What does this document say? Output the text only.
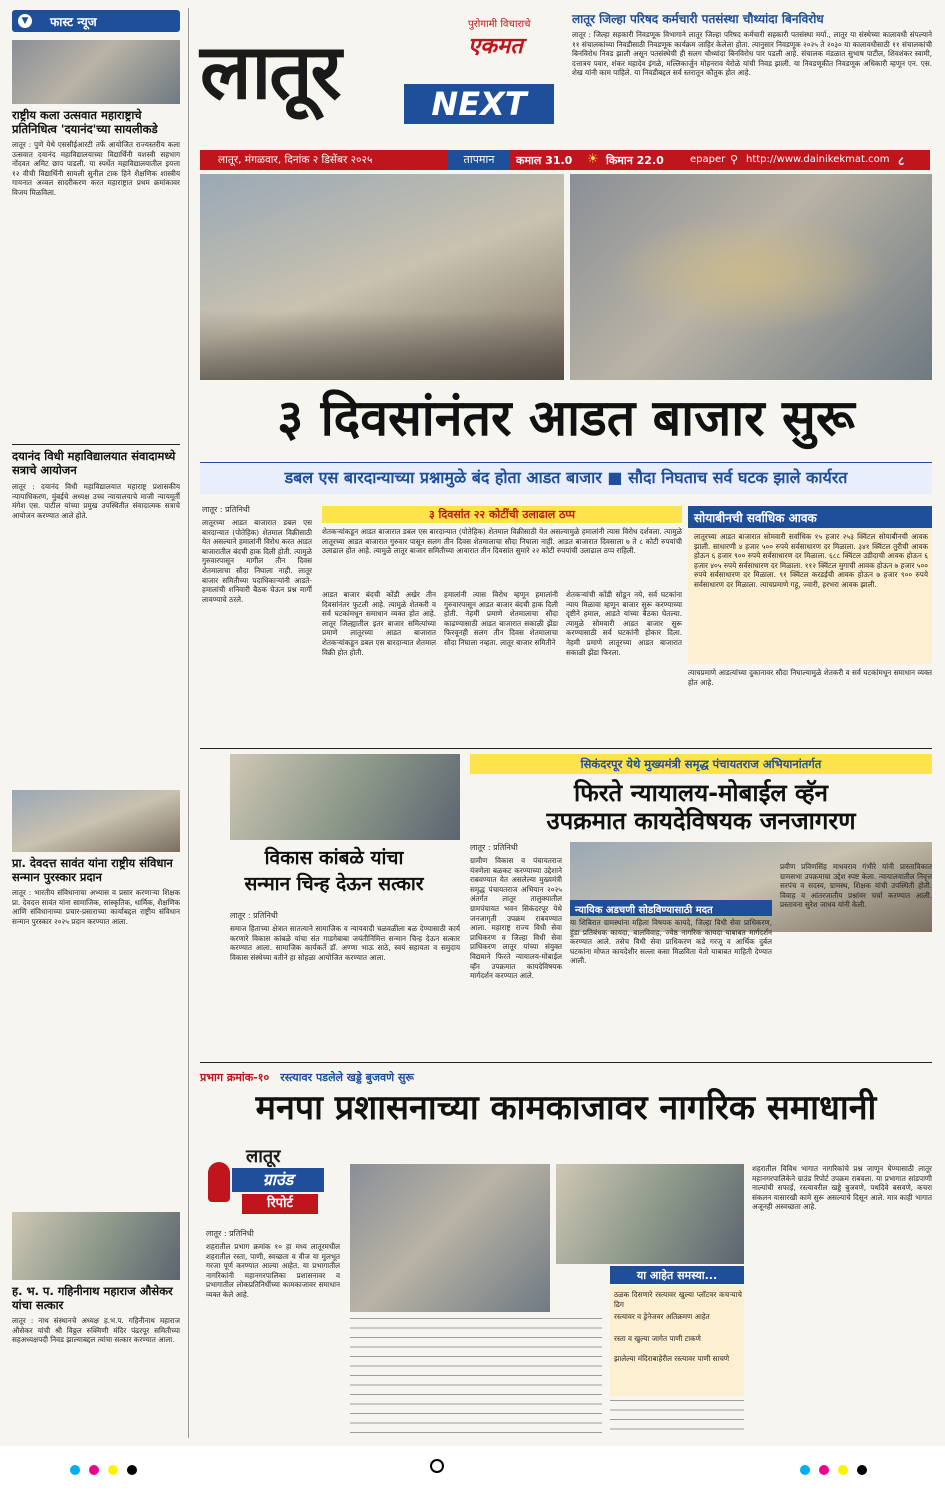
▼ फास्ट न्यूज
राष्ट्रीय कला उत्सवात महाराष्ट्राचे प्रतिनिधित्व 'दयानंद'च्या सायलीकडे
लातूर : पुणे येथे एससीईआरटी तर्फे आयोजित राज्यस्तरीय कला उत्सवात दयानंद महाविद्यालयाच्या विद्यार्थिनी यशस्वी सहभाग नोंदवत अमिट छाप पाडली. या स्पर्धेत महाविद्यालयातील इयत्ता १२ वीची विद्यार्थिनी सायली सुनील टाक हिने शैक्षणिक शास्त्रीय गायनात अव्वल सादरीकरण करत महाराष्ट्रात प्रथम क्रमांकावर विजय मिळविला.
दयानंद विधी महाविद्यालयात संवादामध्ये सत्राचे आयोजन
लातूर : दयानंद विधी महाविद्यालयात महाराष्ट्र प्रशासकीय न्यायाधिकरण, मुंबईचे अध्यक्ष उच्च न्यायालयाचे माजी न्यायमूर्ती मंगेश एस. पाटील यांच्या प्रमुख उपस्थितीत संवादात्मक सत्राचे आयोजन करण्यात आले होते.
प्रा. देवदत्त सावंत यांना राष्ट्रीय संविधान सन्मान पुरस्कार प्रदान
लातूर : भारतीय संविधानाचा अभ्यास व प्रसार करणाऱ्या शिक्षक प्रा. देवदत्त सावंत यांना सामाजिक, सांस्कृतिक, धार्मिक, शैक्षणिक आणि संविधानाच्या प्रचार-प्रसाराच्या कार्याबद्दल राष्ट्रीय संविधान सन्मान पुरस्कार २०२५ प्रदान करण्यात आला.
ह. भ. प. गहिनीनाथ महाराज औसेकर यांचा सत्कार
लातूर : नाथ संस्थानचे अध्यक्ष ह.भ.प. गहिनीनाथ महाराज औसेकर यांची श्री विठ्ठल रुक्मिणी मंदिर पंढरपूर समितीच्या सहअध्यक्षपदी निवड झाल्याबद्दल त्यांचा सत्कार करण्यात आला.
लातूर	NEXT
पुरोगामी विचाराचे
एकमत
लातूर, मंगळवार, दिनांक २ डिसेंबर २०२५	तापमान	कमाल 31.0 ☀ किमान 22.0	epaper ⚲ http://www.dainikekmat.com ८
लातूर जिल्हा परिषद कर्मचारी पतसंस्था चौथ्यांदा बिनविरोध
लातूर : जिल्हा सहकारी निवडणूक विभागाने लातूर जिल्हा परिषद कर्मचारी सहकारी पतसंस्था मर्या., लातूर या संस्थेच्या कालावधी संपल्याने ११ संचालकांच्या निवडीसाठी निवडणूक कार्यक्रम जाहिर केलेला होता. त्यानुसार निवडणूक २०२५ ते २०३० या कालावधीसाठी ११ संचालकांची बिनविरोध निवड झाली असून पतसंस्थेची ही सलग चौथ्यांदा बिनविरोध पार पडली आहे. संचालक मंडळात सुभाष पाटील, शिवशंकर स्वामी, दत्तात्रय पवार, शंकर महादेव इंगळे, मल्लिकार्जुन मोहनराव येरोळे यांची निवड झाली. या निवडणूकीत निवडणूक अधिकारी म्हणून एन. एस. शेख यांनी काम पाहिले. या निवडीबद्दल सर्व स्तरातून कौतुक होत आहे.
३ दिवसांनंतर आडत बाजार सुरू
डबल एस बारदान्याच्या प्रश्नामुळे बंद होता आडत बाजार ■ सौदा निघताच सर्व घटक झाले कार्यरत
लातूर : प्रतिनिधी
लातूरच्या आडत बाजारात डबल एस बारदान्यात (पोतेहिक) शेतमाल विक्रीसाठी येत असल्याने हमालांनी विरोध करत आडत बाजारातील बंदची हाक दिली होती. त्यामुळे गुरुवारपासून मागील तीन दिवस शेतमालाचा सौदा निघाला नाही. लातूर बाजार समितीच्या पदाधिकाऱ्यांनी आडते-हमालांची शनिवारी बैठक घेऊन प्रश्न मार्गी लावण्याचे ठरले.
३ दिवसांत २२ कोटींची उलाढाल ठप्प
शेतकऱ्यांकडून आडत बाजारात डबल एस बारदान्यात (पोतेहिक) शेतमाल विक्रीसाठी येत असल्यामुळे हमालांनी त्यास विरोध दर्शवला. त्यामुळे लातूरच्या आडत बाजारात गुरुवार पासून सलग तीन दिवस शेतमालाचा सौदा निघाला नाही. आडत बाजारात दिवसाला ७ ते ८ कोटी रुपयांची उलाढाल होत आहे. त्यामुळे लातूर बाजार समितीच्या आवारात तीन दिवसांत सुमारे २२ कोटी रुपयांची उलाढाल ठप्प राहिली.
आडत बाजार बंदची कोंडी अखेर तीन दिवसांनंतर फुटली आहे. त्यामुळे शेतकरी व सर्व घटकांमधून समाधान व्यक्त होत आहे. लातूर जिल्ह्यातील इतर बाजार समित्यांच्या प्रमाणे लातूरच्या आडत बाजारात शेतकऱ्यांकडून डबल एस बारदान्यात शेतमाल विक्री होत होती.
हमालांनी त्यास विरोध म्हणून हमालांनी गुरुवारपासून आडत बाजार बंदची हाक दिली होती. नेहमी प्रमाणे शेतमालाचा सौदा काढण्यासाठी आडत बाजारात सकाळी झेंडा फिरवूनही सलग तीन दिवस शेतमालाचा सौदा निघाला नव्हता. लातूर बाजार समितीने
शेतकऱ्यांची कोंडी सोडून नये, सर्व घटकांना न्याय मिळावा म्हणून बाजार सुरू करण्याच्या दृष्टीने हमाल, आडते यांच्या बैठका घेतल्या. त्यामुळे सोमवारी आडत बाजार सुरू करण्यासाठी सर्व घटकांनी होकार दिला. नेहमी प्रमाणे लातूरच्या आडत बाजारात सकाळी झेंडा फिरला.
सोयाबीनची सर्वाधिक आवक
लातूरच्या आडत बाजारात सोमवारी सर्वाधिक १५ हजार २५३ क्विंटल सोयाबीनची आवक झाली. साधारणी ४ हजार ५०० रुपये सर्वसाधारण दर मिळाला. ३४१ क्विंटल तुरीची आवक होऊन ६ हजार ९०० रुपये सर्वसाधारण दर मिळाला. ६८८ क्विंटल उडीदाची आवक होऊन ६ हजार ४०५ रुपये सर्वसाधारण दर मिळाला. ११२ क्विंटल मुगाची आवक होऊन ७ हजार ५०० रुपये सर्वसाधारण दर मिळाला. ९१ क्विंटल करडईची आवक होऊन ७ हजार ९०० रुपये सर्वसाधारण दर मिळाला. त्याचप्रमाणे गहू, ज्वारी, हरभरा आवक झाली.
त्याचप्रमाणे आडत्यांच्या दुकानावर सौदा निघाल्यामुळे शेतकरी व सर्व घटकांमधून समाधान व्यक्त होत आहे.
विकास कांबळे यांचा
सन्मान चिन्ह देऊन सत्कार
लातूर : प्रतिनिधी
समाज हिताच्या क्षेत्रात सातत्याने सामाजिक व न्यायवादी चळवळीला बळ देण्यासाठी कार्य करणारे विकास कांबळे यांचा संत गाडगेबाबा जयंतीनिमित्त सन्मान चिन्ह देऊन सत्कार करण्यात आला. सामाजिक कार्यकर्ते डॉ. अण्णा भाऊ साठे, स्वयं सहायता व समुदाय विकास संस्थेच्या वतीने हा सोहळा आयोजित करण्यात आला.
सिकंदरपूर येथे मुख्यमंत्री समृद्ध पंचायतराज अभियानांतर्गत
फिरते न्यायालय-मोबाईल व्हॅन
उपक्रमात कायदेविषयक जनजागरण
लातूर : प्रतिनिधी
ग्रामीण विकास व पंचायतराज यंत्रणेला बळकट करण्याच्या उद्देशाने राबवण्यात येत असलेल्या मुख्यमंत्री समृद्ध पंचायतराज अभियान २०२५ अंतर्गत लातूर तालुक्यातील ग्रामपंचायत भवन सिकंदरपूर येथे जनजागृती उपक्रम राबवण्यात आला. महाराष्ट्र राज्य विधी सेवा प्राधिकरण व जिल्हा विधी सेवा प्राधिकरण लातूर यांच्या संयुक्त विद्यमाने फिरते न्यायालय-मोबाईल व्हॅन उपक्रमात कायदेविषयक मार्गदर्शन करण्यात आले.
न्यायिक अडचणी सोडविण्यासाठी मदत
या शिबिरात ग्रामस्थांना महिला विषयक कायदे, जिल्हा विधी सेवा प्राधिकरण, हुंडा प्रतिबंधक कायदा, बालविवाह, ज्येष्ठ नागरिक कायदा याबाबत मार्गदर्शन करण्यात आले. तसेच विधी सेवा प्राधिकरण कडे गरजू व आर्थिक दुर्बल घटकांना मोफत कायदेशीर सल्ला कसा मिळविता येतो याबाबत माहिती देण्यात आली.
प्रवीण प्रविणसिंह माधवराव गंभीरे यांनी प्रास्ताविकात ग्रामसभा उपक्रमाचा उद्देश स्पष्ट केला. न्यायालयातील निवृत्त सरपंच व सदस्य, ग्रामस्थ, शिक्षक यांची उपस्थिती होती. विवाह व आंतरजातीय प्रश्नांवर चर्चा करण्यात आली. प्रस्तावना सुरेश जाधव यांनी केली.
प्रभाग क्रमांक-१० रस्त्यावर पडलेले खड्डे बुजवणे सुरू
मनपा प्रशासनाच्या कामकाजावर नागरिक समाधानी
लातूर
ग्राउंड
रिपोर्ट
लातूर : प्रतिनिधी
शहरातील प्रभाग क्रमांक १० हा मध्य लातूरमधील शहरातील रस्ता, पाणी, स्वच्छता व वीज या मुलभूत गरजा पूर्ण करण्यात आल्या आहेत. या प्रभागातील नागरिकांनी महानगरपालिका प्रशासनावर व प्रभागातील लोकप्रतिनिधींच्या कामकाजावर समाधान व्यक्त केले आहे.
या आहेत समस्या...
ठळक दिसणारे रस्त्यावर खुल्या प्लॉटवर कचऱ्याचे ढिग
रस्त्यावर व ड्रेनेजवर अतिक्रमण आहेत
रस्ता व खुल्या जागेत पाणी टाकणे
झालेल्या मंदिराबाहेरील रस्त्यावर पाणी साचणे
शहरातील विविध भागात नागरिकांचे प्रश्न जाणून घेण्यासाठी लातूर महानगरपालिकेने ग्राउंड रिपोर्ट उपक्रम राबवला. या प्रभागात सांडपाणी नाल्यांची सफाई, रस्त्यावरील खड्डे बुजवणे, पथदिवे बसवणे, कचरा संकलन यासारखी कामे सुरू असल्याचे दिसून आले. मात्र काही भागात अजूनही अस्वच्छता आहे.
